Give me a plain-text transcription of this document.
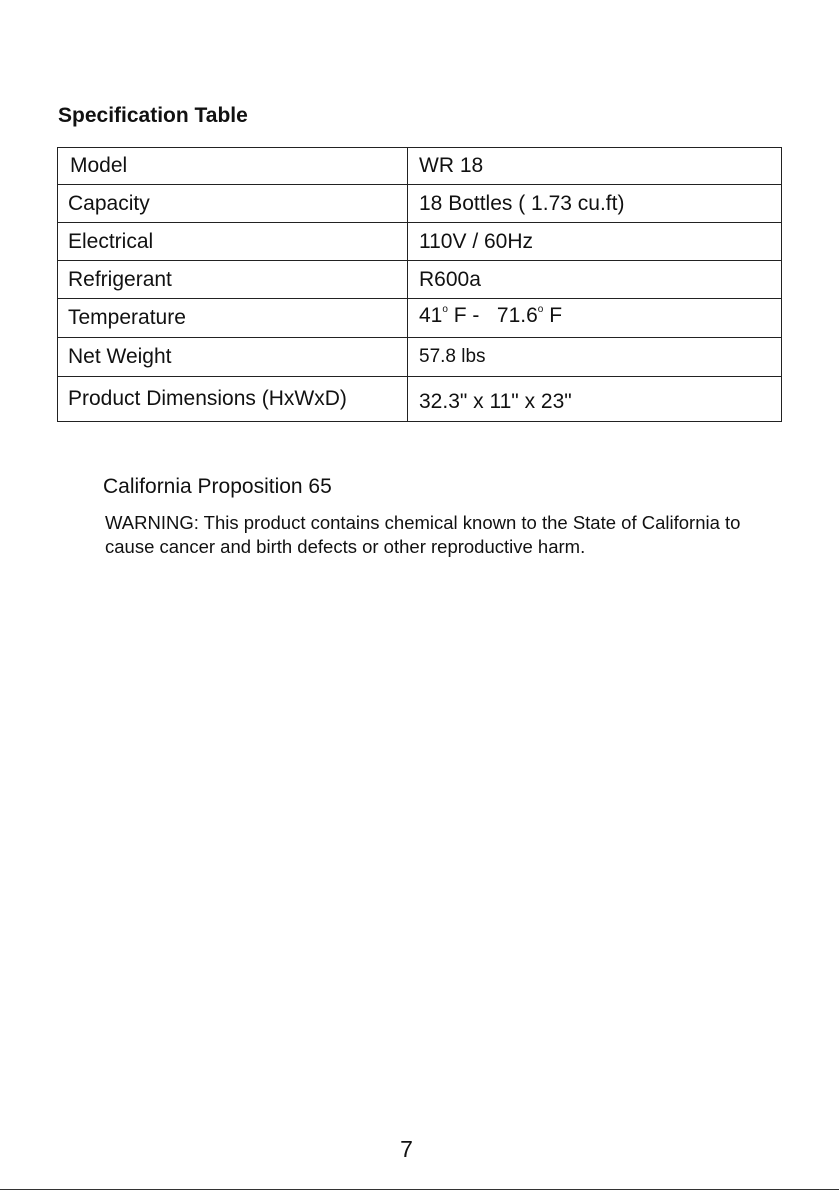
Specification Table
Model	WR 18
Capacity	18 Bottles ( 1.73 cu.ft)
Electrical	110V / 60Hz
Refrigerant	R600a
Temperature	41$^o$ F -   71.6$^o$ F
Net Weight	57.8 lbs
Product Dimensions (HxWxD)	32.3" x 11" x 23"
California Proposition 65

WARNING: This product contains chemical known to the State of California to cause cancer and birth defects or other reproductive harm.

7
